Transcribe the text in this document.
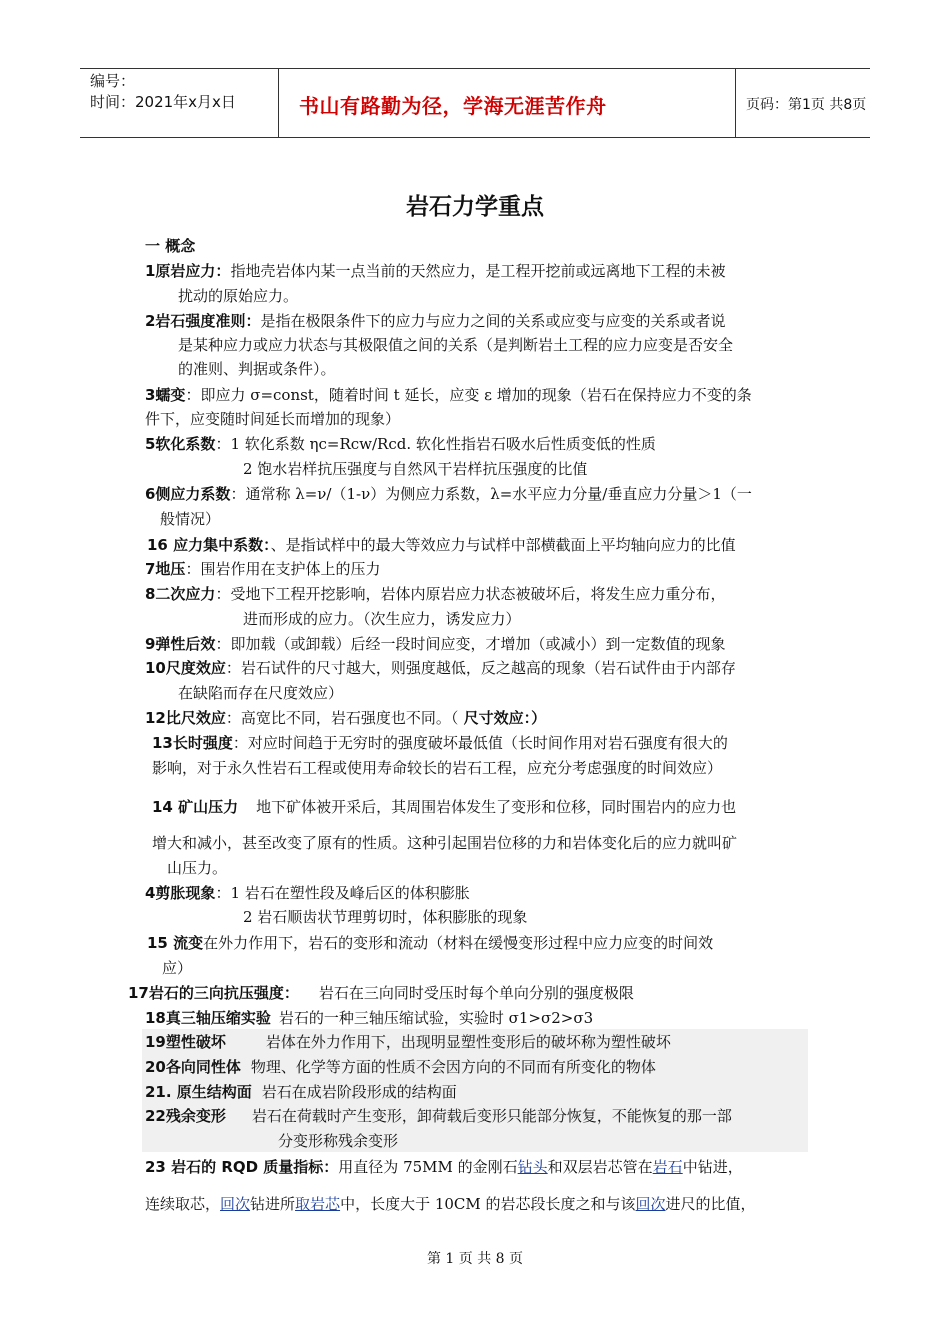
编号：
时间：2021年x月x日	书山有路勤为径，学海无涯苦作舟	页码：第1页 共8页
岩石力学重点
一 概念
1原岩应力：指地壳岩体内某一点当前的天然应力，是工程开挖前或远离地下工程的未被
扰动的原始应力。
2岩石强度准则：是指在极限条件下的应力与应力之间的关系或应变与应变的关系或者说
是某种应力或应力状态与其极限值之间的关系（是判断岩土工程的应力应变是否安全
的准则、判据或条件）。
3蠕变：即应力 σ=const，随着时间 t 延长，应变 ε 增加的现象（岩石在保持应力不变的条
件下，应变随时间延长而增加的现象）
5软化系数：1 软化系数 ηc=Rcw/Rcd. 软化性指岩石吸水后性质变低的性质
2 饱水岩样抗压强度与自然风干岩样抗压强度的比值
6侧应力系数：通常称 λ=ν/（1-ν）为侧应力系数，λ=水平应力分量/垂直应力分量＞1（一
般情况）
16 应力集中系数：、是指试样中的最大等效应力与试样中部横截面上平均轴向应力的比值
7地压：围岩作用在支护体上的压力
8二次应力：受地下工程开挖影响，岩体内原岩应力状态被破坏后，将发生应力重分布，
进而形成的应力。（次生应力，诱发应力）
9弹性后效：即加载（或卸载）后经一段时间应变，才增加（或减小）到一定数值的现象
10尺度效应：岩石试件的尺寸越大，则强度越低，反之越高的现象（岩石试件由于内部存
在缺陷而存在尺度效应）
12比尺效应：高宽比不同，岩石强度也不同。（ 尺寸效应：）
13长时强度：对应时间趋于无穷时的强度破坏最低值（长时间作用对岩石强度有很大的
影响，对于永久性岩石工程或使用寿命较长的岩石工程，应充分考虑强度的时间效应）
14 矿山压力 地下矿体被开采后，其周围岩体发生了变形和位移，同时围岩内的应力也
增大和减小，甚至改变了原有的性质。这种引起围岩位移的力和岩体变化后的应力就叫矿
山压力。
4剪胀现象：1 岩石在塑性段及峰后区的体积膨胀
2 岩石顺齿状节理剪切时，体积膨胀的现象
15 流变在外力作用下，岩石的变形和流动（材料在缓慢变形过程中应力应变的时间效
应）
17岩石的三向抗压强度： 岩石在三向同时受压时每个单向分别的强度极限
18真三轴压缩实验 岩石的一种三轴压缩试验，实验时 σ1>σ2>σ3
19塑性破坏	岩体在外力作用下，出现明显塑性变形后的破坏称为塑性破坏
20各向同性体 物理、化学等方面的性质不会因方向的不同而有所变化的物体
21. 原生结构面 岩石在成岩阶段形成的结构面
22残余变形 岩石在荷载时产生变形，卸荷载后变形只能部分恢复，不能恢复的那一部
分变形称残余变形
23 岩石的 RQD 质量指标：用直径为 75MM 的金刚石钻头和双层岩芯管在岩石中钻进，
连续取芯，回次钻进所取岩芯中，长度大于 10CM 的岩芯段长度之和与该回次进尺的比值，
第 1 页 共 8 页
